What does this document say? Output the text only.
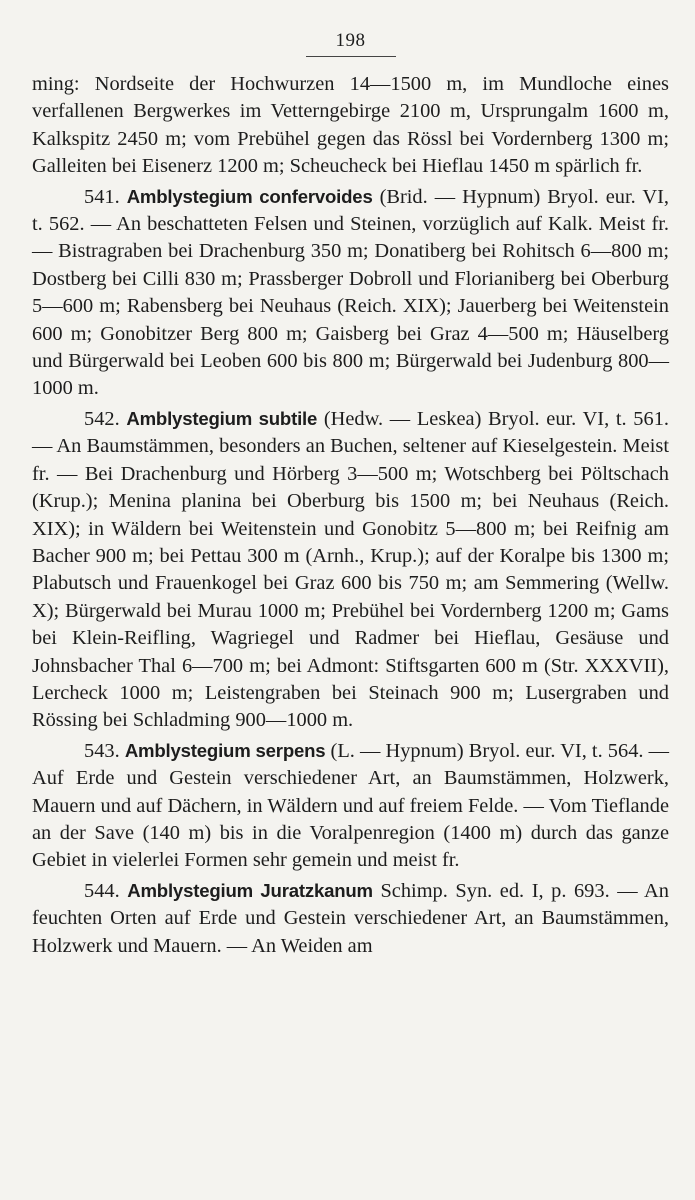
198

ming: Nordseite der Hochwurzen 14—1500 m, im Mundloche eines verfallenen Bergwerkes im Vetterngebirge 2100 m, Ursprungalm 1600 m, Kalkspitz 2450 m; vom Prebühel gegen das Rössl bei Vordernberg 1300 m; Galleiten bei Eisenerz 1200 m; Scheucheck bei Hieflau 1450 m spärlich fr.

541. Amblystegium confervoides (Brid. — Hypnum) Bryol. eur. VI, t. 562. — An beschatteten Felsen und Steinen, vorzüglich auf Kalk. Meist fr. — Bistragraben bei Drachenburg 350 m; Donatiberg bei Rohitsch 6—800 m; Dostberg bei Cilli 830 m; Prassberger Dobroll und Florianiberg bei Oberburg 5—600 m; Rabensberg bei Neuhaus (Reich. XIX); Jauerberg bei Weitenstein 600 m; Gonobitzer Berg 800 m; Gaisberg bei Graz 4—500 m; Häuselberg und Bürgerwald bei Leoben 600 bis 800 m; Bürgerwald bei Judenburg 800—1000 m.

542. Amblystegium subtile (Hedw. — Leskea) Bryol. eur. VI, t. 561. — An Baumstämmen, besonders an Buchen, seltener auf Kieselgestein. Meist fr. — Bei Drachenburg und Hörberg 3—500 m; Wotschberg bei Pöltschach (Krup.); Menina planina bei Oberburg bis 1500 m; bei Neuhaus (Reich. XIX); in Wäldern bei Weitenstein und Gonobitz 5—800 m; bei Reifnig am Bacher 900 m; bei Pettau 300 m (Arnh., Krup.); auf der Koralpe bis 1300 m; Plabutsch und Frauenkogel bei Graz 600 bis 750 m; am Semmering (Wellw. X); Bürgerwald bei Murau 1000 m; Prebühel bei Vordernberg 1200 m; Gams bei Klein-Reifling, Wagriegel und Radmer bei Hieflau, Gesäuse und Johnsbacher Thal 6—700 m; bei Admont: Stiftsgarten 600 m (Str. XXXVII), Lercheck 1000 m; Leistengraben bei Steinach 900 m; Lusergraben und Rössing bei Schladming 900—1000 m.

543. Amblystegium serpens (L. — Hypnum) Bryol. eur. VI, t. 564. — Auf Erde und Gestein verschiedener Art, an Baumstämmen, Holzwerk, Mauern und auf Dächern, in Wäldern und auf freiem Felde. — Vom Tieflande an der Save (140 m) bis in die Voralpenregion (1400 m) durch das ganze Gebiet in vielerlei Formen sehr gemein und meist fr.

544. Amblystegium Juratzkanum Schimp. Syn. ed. I, p. 693. — An feuchten Orten auf Erde und Gestein verschiedener Art, an Baumstämmen, Holzwerk und Mauern. — An Weiden am
